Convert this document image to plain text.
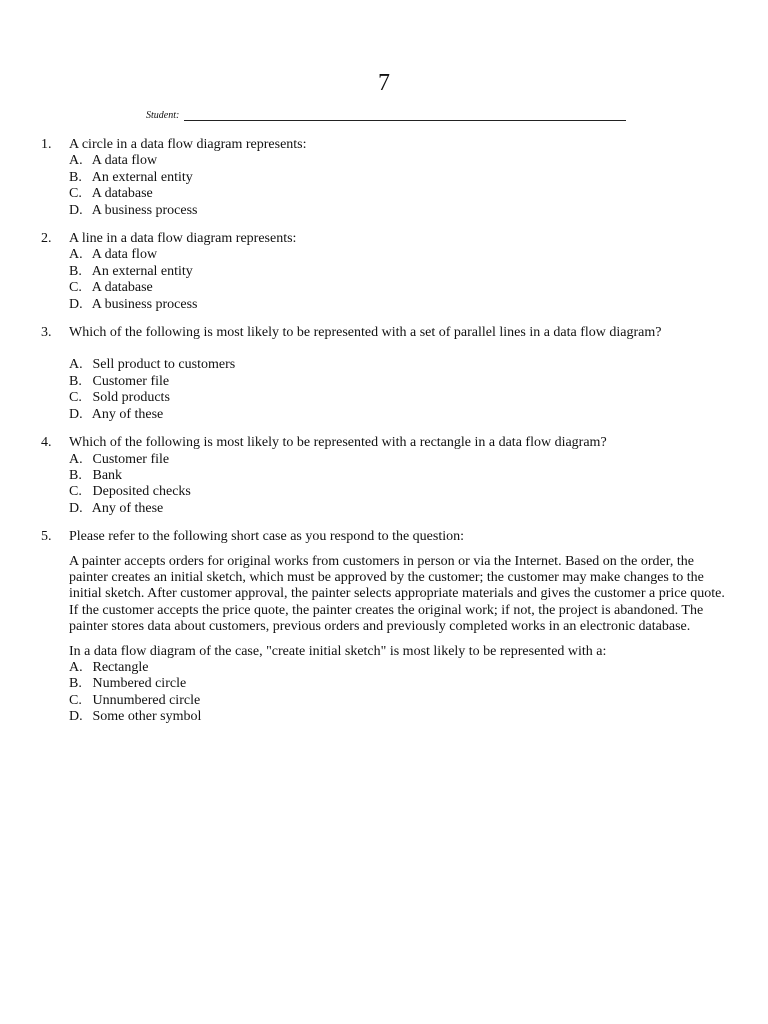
7
Student:
1. A circle in a data flow diagram represents:
A. A data flow
B. An external entity
C. A database
D. A business process
2. A line in a data flow diagram represents:
A. A data flow
B. An external entity
C. A database
D. A business process
3. Which of the following is most likely to be represented with a set of parallel lines in a data flow diagram?
A. Sell product to customers
B. Customer file
C. Sold products
D. Any of these
4. Which of the following is most likely to be represented with a rectangle in a data flow diagram?
A. Customer file
B. Bank
C. Deposited checks
D. Any of these
5. Please refer to the following short case as you respond to the question:
A painter accepts orders for original works from customers in person or via the Internet. Based on the order, the painter creates an initial sketch, which must be approved by the customer; the customer may make changes to the initial sketch. After customer approval, the painter selects appropriate materials and gives the customer a price quote. If the customer accepts the price quote, the painter creates the original work; if not, the project is abandoned. The painter stores data about customers, previous orders and previously completed works in an electronic database.
In a data flow diagram of the case, "create initial sketch" is most likely to be represented with a:
A. Rectangle
B. Numbered circle
C. Unnumbered circle
D. Some other symbol
